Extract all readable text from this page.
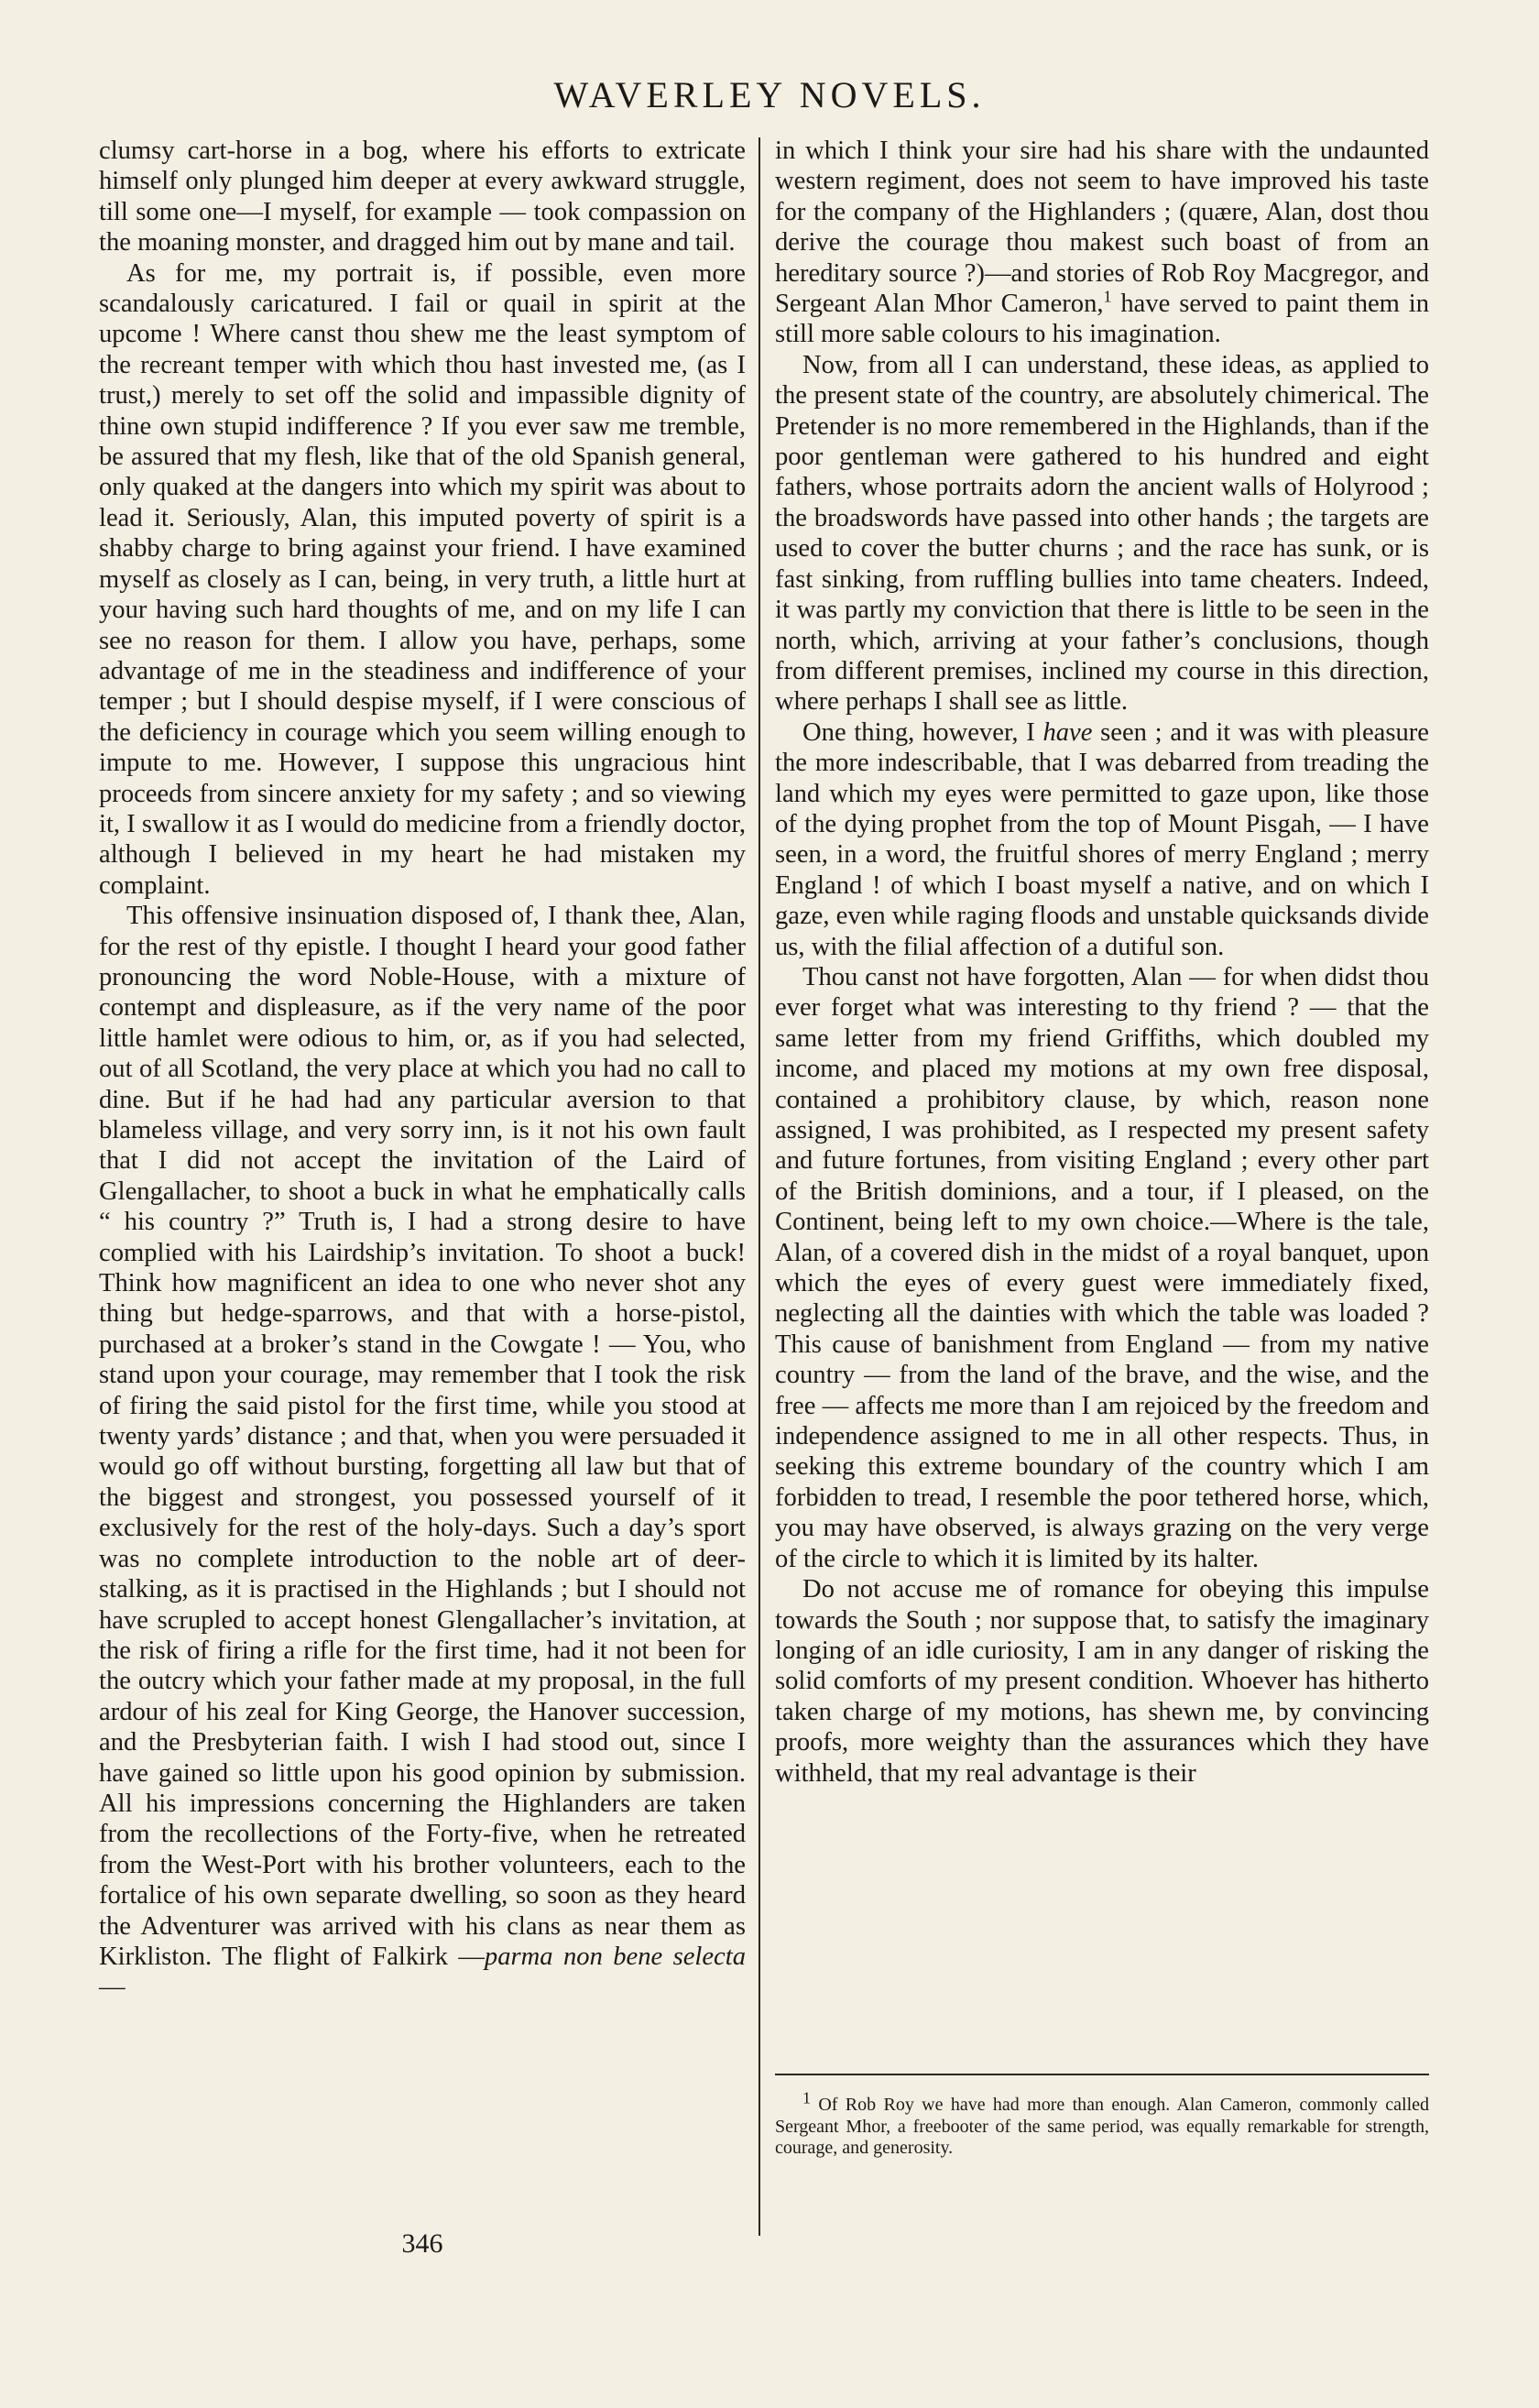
WAVERLEY NOVELS.

clumsy cart-horse in a bog, where his efforts to extricate himself only plunged him deeper at every awkward struggle, till some one—I myself, for example — took compassion on the moaning monster, and dragged him out by mane and tail.

As for me, my portrait is, if possible, even more scandalously caricatured. I fail or quail in spirit at the upcome ! Where canst thou shew me the least symptom of the recreant temper with which thou hast invested me, (as I trust,) merely to set off the solid and impassible dignity of thine own stupid indifference ? If you ever saw me tremble, be assured that my flesh, like that of the old Spanish general, only quaked at the dangers into which my spirit was about to lead it. Seriously, Alan, this imputed poverty of spirit is a shabby charge to bring against your friend. I have examined myself as closely as I can, being, in very truth, a little hurt at your having such hard thoughts of me, and on my life I can see no reason for them. I allow you have, perhaps, some advantage of me in the steadiness and indifference of your temper ; but I should despise myself, if I were conscious of the deficiency in courage which you seem willing enough to impute to me. However, I suppose this ungracious hint proceeds from sincere anxiety for my safety ; and so viewing it, I swallow it as I would do medicine from a friendly doctor, although I believed in my heart he had mistaken my complaint.

This offensive insinuation disposed of, I thank thee, Alan, for the rest of thy epistle. I thought I heard your good father pronouncing the word Noble-House, with a mixture of contempt and displeasure, as if the very name of the poor little hamlet were odious to him, or, as if you had selected, out of all Scotland, the very place at which you had no call to dine. But if he had had any particular aversion to that blameless village, and very sorry inn, is it not his own fault that I did not accept the invitation of the Laird of Glengallacher, to shoot a buck in what he emphatically calls “ his country ?” Truth is, I had a strong desire to have complied with his Lairdship’s invitation. To shoot a buck! Think how magnificent an idea to one who never shot any thing but hedge-sparrows, and that with a horse-pistol, purchased at a broker’s stand in the Cowgate ! — You, who stand upon your courage, may remember that I took the risk of firing the said pistol for the first time, while you stood at twenty yards’ distance ; and that, when you were persuaded it would go off without bursting, forgetting all law but that of the biggest and strongest, you possessed yourself of it exclusively for the rest of the holy-days. Such a day’s sport was no complete introduction to the noble art of deer-stalking, as it is practised in the Highlands ; but I should not have scrupled to accept honest Glengallacher’s invitation, at the risk of firing a rifle for the first time, had it not been for the outcry which your father made at my proposal, in the full ardour of his zeal for King George, the Hanover succession, and the Presbyterian faith. I wish I had stood out, since I have gained so little upon his good opinion by submission. All his impressions concerning the Highlanders are taken from the recollections of the Forty-five, when he retreated from the West-Port with his brother volunteers, each to the fortalice of his own separate dwelling, so soon as they heard the Adventurer was arrived with his clans as near them as Kirkliston. The flight of Falkirk —parma non bene selecta —

in which I think your sire had his share with the undaunted western regiment, does not seem to have improved his taste for the company of the Highlanders ; (quære, Alan, dost thou derive the courage thou makest such boast of from an hereditary source ?)—and stories of Rob Roy Macgregor, and Sergeant Alan Mhor Cameron,$^1$ have served to paint them in still more sable colours to his imagination.

Now, from all I can understand, these ideas, as applied to the present state of the country, are absolutely chimerical. The Pretender is no more remembered in the Highlands, than if the poor gentleman were gathered to his hundred and eight fathers, whose portraits adorn the ancient walls of Holyrood ; the broadswords have passed into other hands ; the targets are used to cover the butter churns ; and the race has sunk, or is fast sinking, from ruffling bullies into tame cheaters. Indeed, it was partly my conviction that there is little to be seen in the north, which, arriving at your father’s conclusions, though from different premises, inclined my course in this direction, where perhaps I shall see as little.

One thing, however, I have seen ; and it was with pleasure the more indescribable, that I was debarred from treading the land which my eyes were permitted to gaze upon, like those of the dying prophet from the top of Mount Pisgah, — I have seen, in a word, the fruitful shores of merry England ; merry England ! of which I boast myself a native, and on which I gaze, even while raging floods and unstable quicksands divide us, with the filial affection of a dutiful son.

Thou canst not have forgotten, Alan — for when didst thou ever forget what was interesting to thy friend ? — that the same letter from my friend Griffiths, which doubled my income, and placed my motions at my own free disposal, contained a prohibitory clause, by which, reason none assigned, I was prohibited, as I respected my present safety and future fortunes, from visiting England ; every other part of the British dominions, and a tour, if I pleased, on the Continent, being left to my own choice.—Where is the tale, Alan, of a covered dish in the midst of a royal banquet, upon which the eyes of every guest were immediately fixed, neglecting all the dainties with which the table was loaded ? This cause of banishment from England — from my native country — from the land of the brave, and the wise, and the free — affects me more than I am rejoiced by the freedom and independence assigned to me in all other respects. Thus, in seeking this extreme boundary of the country which I am forbidden to tread, I resemble the poor tethered horse, which, you may have observed, is always grazing on the very verge of the circle to which it is limited by its halter.

Do not accuse me of romance for obeying this impulse towards the South ; nor suppose that, to satisfy the imaginary longing of an idle curiosity, I am in any danger of risking the solid comforts of my present condition. Whoever has hitherto taken charge of my motions, has shewn me, by convincing proofs, more weighty than the assurances which they have withheld, that my real advantage is their

$^1$ Of Rob Roy we have had more than enough. Alan Cameron, commonly called Sergeant Mhor, a freebooter of the same period, was equally remarkable for strength, courage, and generosity.

346
